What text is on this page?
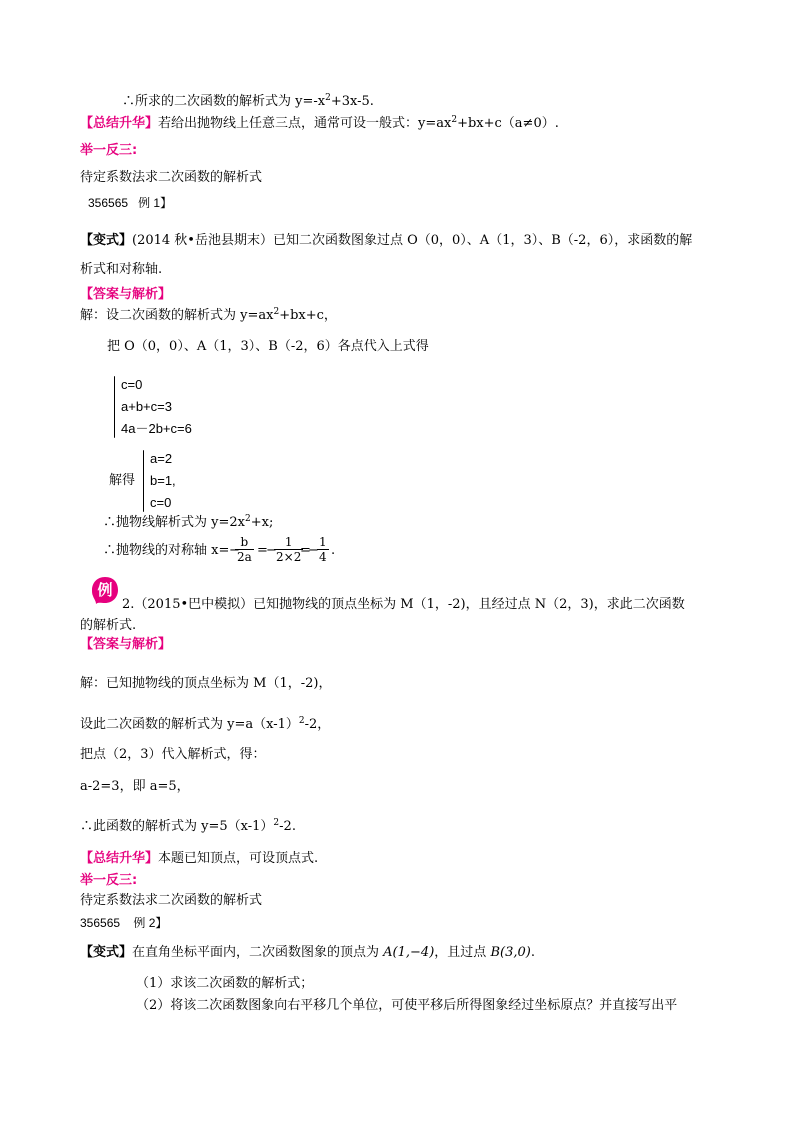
∴所求的二次函数的解析式为 $y=-x^2+3x-5$.
【总结升华】若给出抛物线上任意三点，通常可设一般式：$y=ax^2+bx+c(a\ne 0)$.
举一反三:
待定系数法求二次函数的解析式
356565 例 1】
【变式】(2014 秋•岳池县期末）已知二次函数图象过点 O（0，0）、A（1，3）、B（-2，6），求函数的解
析式和对称轴.
【答案与解析】
解：设二次函数的解析式为 $y=ax^2+bx+c$，
把 O（0，0）、A（1，3）、B（-2，6）各点代入上式得
c=0
a+b+c=3
4a－2b+c=6
解得
a=2
b=1,
c=0
∴抛物线解析式为 $y=2x^2+x$;
∴抛物线的对称轴 x= −
$\frac{b}{2a}$ =
−
$\frac{1}{2\times 2}$
=
−
$\frac{1}{4}$ .
例
2.（2015•巴中模拟）已知抛物线的顶点坐标为 M（1，-2)，且经过点 N（2，3)，求此二次函数
的解析式.
【答案与解析】
解：已知抛物线的顶点坐标为 M（1，-2)，
设此二次函数的解析式为 $y=a(x-1)^2-2$，
把点（2，3）代入解析式，得：
a-2=3，即 a=5，
∴此函数的解析式为 $y=5(x-1)^2-2$.
【总结升华】本题已知顶点，可设顶点式.
举一反三:
待定系数法求二次函数的解析式
356565 例 2】
【变式】在直角坐标平面内，二次函数图象的顶点为 A(1,−4)，且过点 B(3,0).
（1）求该二次函数的解析式；
（2）将该二次函数图象向右平移几个单位，可使平移后所得图象经过坐标原点？并直接写出平
